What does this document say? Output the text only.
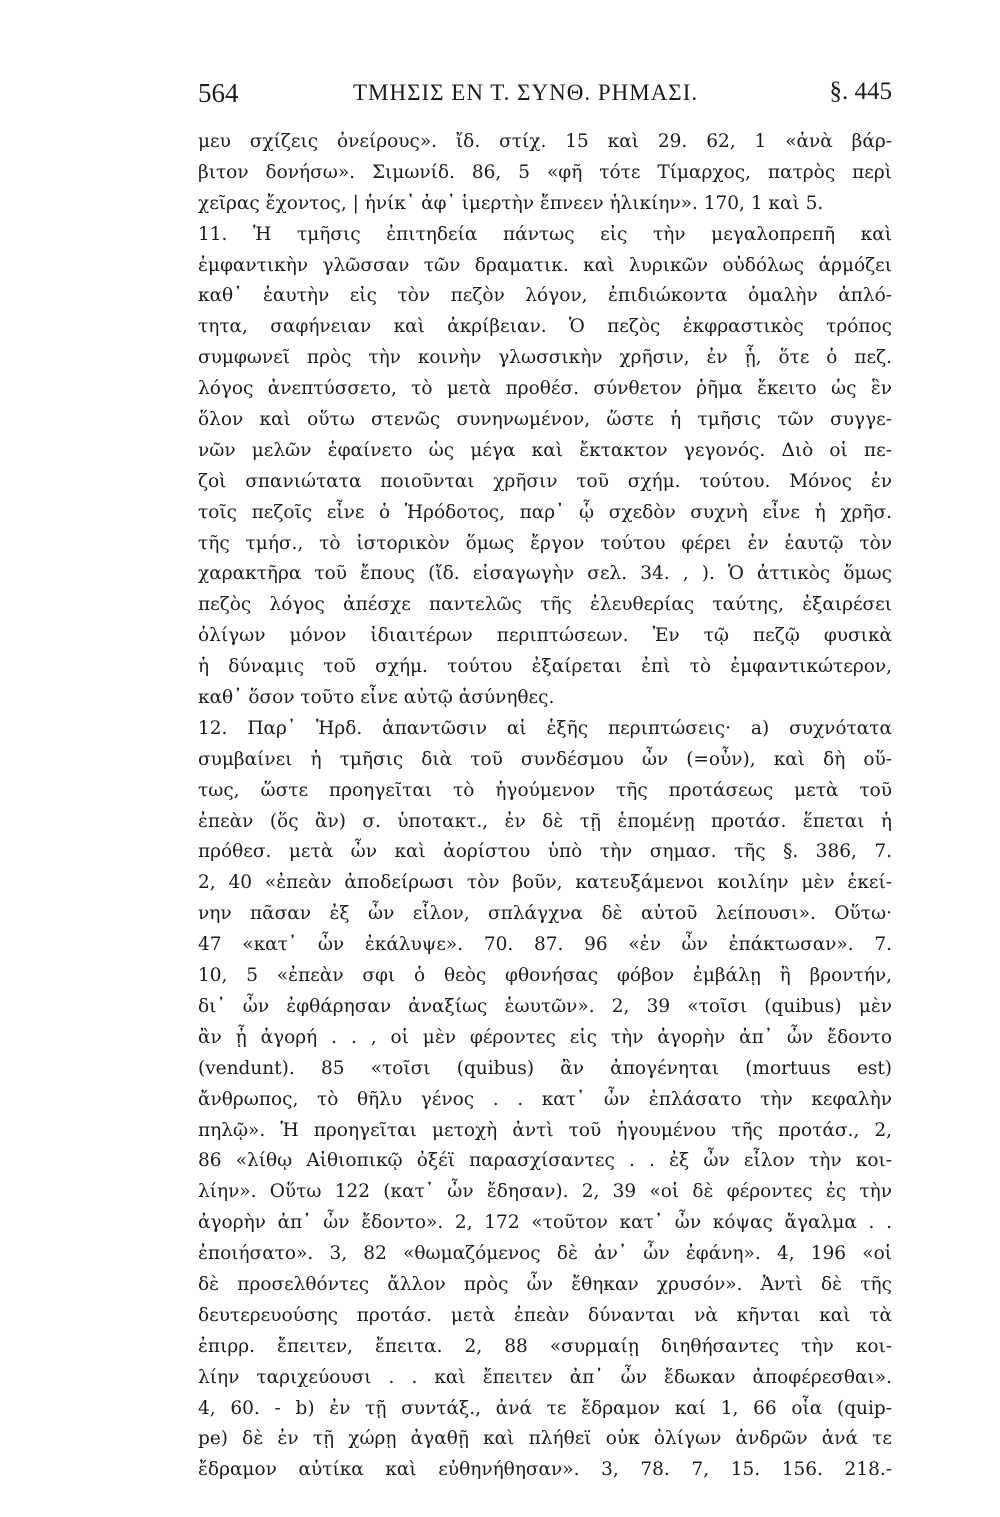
564	ΤΜΗΣΙΣ ΕΝ Τ. ΣΥΝΘ. ΡΗΜΑΣΙ.	§. 445
μευ σχίζεις ὀνείρους». ἴδ. στίχ. 15 καὶ 29. 62, 1 «ἀνὰ βάρ-
βιτον δονήσω». Σιμωνίδ. 86, 5 «φῆ τότε Τίμαρχος, πατρὸς περὶ
χεῖρας ἔχοντος, | ἡνίκ᾽ ἀφ᾽ ἱμερτὴν ἔπνεεν ἡλικίην». 170, 1 καὶ 5.
11. Ἡ τμῆσις ἐπιτηδεία πάντως εἰς τὴν μεγαλοπρεπῆ καὶ
ἐμφαντικὴν γλῶσσαν τῶν δραματικ. καὶ λυρικῶν οὐδόλως ἁρμόζει
καθ᾽ ἑαυτὴν εἰς τὸν πεζὸν λόγον, ἐπιδιώκοντα ὁμαλὴν ἁπλό-
τητα, σαφήνειαν καὶ ἀκρίβειαν. Ὁ πεζὸς ἐκφραστικὸς τρόπος
συμφωνεῖ πρὸς τὴν κοινὴν γλωσσικὴν χρῆσιν, ἐν ᾗ, ὅτε ὁ πεζ.
λόγος ἀνεπτύσσετο, τὸ μετὰ προθέσ. σύνθετον ῥῆμα ἔκειτο ὡς ἓν
ὅλον καὶ οὕτω στενῶς συνηνωμένον, ὥστε ἡ τμῆσις τῶν συγγε-
νῶν μελῶν ἐφαίνετο ὡς μέγα καὶ ἔκτακτον γεγονός. Διὸ οἱ πε-
ζοὶ σπανιώτατα ποιοῦνται χρῆσιν τοῦ σχήμ. τούτου. Μόνος ἐν
τοῖς πεζοῖς εἶνε ὁ Ἡρόδοτος, παρ᾽ ᾧ σχεδὸν συχνὴ εἶνε ἡ χρῆσ.
τῆς τμήσ., τὸ ἱστορικὸν ὅμως ἔργον τούτου φέρει ἐν ἑαυτῷ τὸν
χαρακτῆρα τοῦ ἔπους (ἴδ. εἰσαγωγὴν σελ. 34. , ). Ὁ ἀττικὸς ὅμως
πεζὸς λόγος ἀπέσχε παντελῶς τῆς ἐλευθερίας ταύτης, ἐξαιρέσει
ὀλίγων μόνον ἰδιαιτέρων περιπτώσεων. Ἐν τῷ πεζῷ φυσικὰ
ἡ δύναμις τοῦ σχήμ. τούτου ἐξαίρεται ἐπὶ τὸ ἐμφαντικώτερον,
καθ᾽ ὅσον τοῦτο εἶνε αὐτῷ ἀσύνηθες.
12. Παρ᾽ Ἡρδ. ἀπαντῶσιν αἱ ἑξῆς περιπτώσεις· a) συχνότατα
συμβαίνει ἡ τμῆσις διὰ τοῦ συνδέσμου ὦν (=οὖν), καὶ δὴ οὕ-
τως, ὥστε προηγεῖται τὸ ἡγούμενον τῆς προτάσεως μετὰ τοῦ
ἐπεὰν (ὅς ἂν) σ. ὑποτακτ., ἐν δὲ τῇ ἑπομένῃ προτάσ. ἕπεται ἡ
πρόθεσ. μετὰ ὦν καὶ ἀορίστου ὑπὸ τὴν σημασ. τῆς §. 386, 7.
2, 40 «ἐπεὰν ἀποδείρωσι τὸν βοῦν, κατευξάμενοι κοιλίην μὲν ἐκεί-
νην πᾶσαν ἐξ ὦν εἷλον, σπλάγχνα δὲ αὐτοῦ λείπουσι». Οὕτω·
47 «κατ᾽ ὦν ἐκάλυψε». 70. 87. 96 «ἐν ὦν ἐπάκτωσαν». 7.
10, 5 «ἐπεὰν σφι ὁ θεὸς φθονήσας φόβον ἐμβάλῃ ἢ βροντήν,
δι᾽ ὦν ἐφθάρησαν ἀναξίως ἑωυτῶν». 2, 39 «τοῖσι (quibus) μὲν
ἂν ᾖ ἀγορή . . , οἱ μὲν φέροντες εἰς τὴν ἀγορὴν ἀπ᾽ ὦν ἔδοντο
(vendunt). 85 «τοῖσι (quibus) ἂν ἀπογένηται (mortuus est)
ἄνθρωπος, τὸ θῆλυ γένος . . κατ᾽ ὦν ἐπλάσατο τὴν κεφαλὴν
πηλῷ». Ἡ προηγεῖται μετοχὴ ἀντὶ τοῦ ἡγουμένου τῆς προτάσ., 2,
86 «λίθῳ Αἰθιοπικῷ ὀξέϊ παρασχίσαντες . . ἐξ ὦν εἷλον τὴν κοι-
λίην». Οὕτω 122 (κατ᾽ ὦν ἔδησαν). 2, 39 «οἱ δὲ φέροντες ἐς τὴν
ἀγορὴν ἀπ᾽ ὦν ἔδοντο». 2, 172 «τοῦτον κατ᾽ ὦν κόψας ἄγαλμα . .
ἐποιήσατο». 3, 82 «θωμαζόμενος δὲ ἀν᾽ ὦν ἐφάνη». 4, 196 «οἱ
δὲ προσελθόντες ἄλλον πρὸς ὦν ἔθηκαν χρυσόν». Ἀντὶ δὲ τῆς
δευτερευούσης προτάσ. μετὰ ἐπεὰν δύνανται νὰ κῆνται καὶ τὰ
ἐπιρρ. ἔπειτεν, ἔπειτα. 2, 88 «συρμαίῃ διηθήσαντες τὴν κοι-
λίην ταριχεύουσι . . καὶ ἔπειτεν ἀπ᾽ ὦν ἔδωκαν ἀποφέρεσθαι».
4, 60. - b) ἐν τῇ συντάξ., ἀνά τε ἔδραμον καί 1, 66 οἷα (quip-
pe) δὲ ἐν τῇ χώρῃ ἀγαθῇ καὶ πλήθεϊ οὐκ ὀλίγων ἀνδρῶν ἀνά τε
ἔδραμον αὐτίκα καὶ εὐθηνήθησαν». 3, 78. 7, 15. 156. 218.-
